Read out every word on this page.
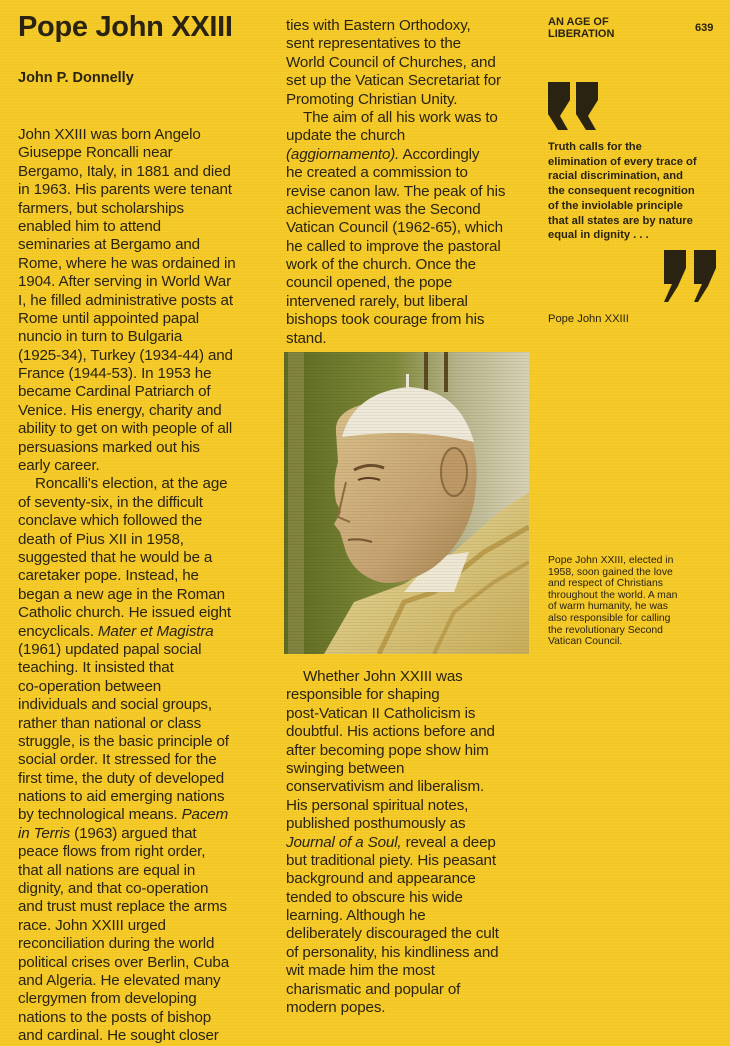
Pope John XXIII
John P. Donnelly
John XXIII was born Angelo
Giuseppe Roncalli near
Bergamo, Italy, in 1881 and died
in 1963. His parents were tenant
farmers, but scholarships
enabled him to attend
seminaries at Bergamo and
Rome, where he was ordained in
1904. After serving in World War
I, he filled administrative posts at
Rome until appointed papal
nuncio in turn to Bulgaria
(1925-34), Turkey (1934-44) and
France (1944-53). In 1953 he
became Cardinal Patriarch of
Venice. His energy, charity and
ability to get on with people of all
persuasions marked out his
early career.
Roncalli's election, at the age
of seventy-six, in the difficult
conclave which followed the
death of Pius XII in 1958,
suggested that he would be a
caretaker pope. Instead, he
began a new age in the Roman
Catholic church. He issued eight
encyclicals. Mater et Magistra
(1961) updated papal social
teaching. It insisted that
co-operation between
individuals and social groups,
rather than national or class
struggle, is the basic principle of
social order. It stressed for the
first time, the duty of developed
nations to aid emerging nations
by technological means. Pacem
in Terris (1963) argued that
peace flows from right order,
that all nations are equal in
dignity, and that co-operation
and trust must replace the arms
race. John XXIII urged
reconciliation during the world
political crises over Berlin, Cuba
and Algeria. He elevated many
clergymen from developing
nations to the posts of bishop
and cardinal. He sought closer
ties with Eastern Orthodoxy,
sent representatives to the
World Council of Churches, and
set up the Vatican Secretariat for
Promoting Christian Unity.
The aim of all his work was to
update the church
(aggiornamento). Accordingly
he created a commission to
revise canon law. The peak of his
achievement was the Second
Vatican Council (1962-65), which
he called to improve the pastoral
work of the church. Once the
council opened, the pope
intervened rarely, but liberal
bishops took courage from his
stand.
Whether John XXIII was
responsible for shaping
post-Vatican II Catholicism is
doubtful. His actions before and
after becoming pope show him
swinging between
conservativism and liberalism.
His personal spiritual notes,
published posthumously as
Journal of a Soul, reveal a deep
but traditional piety. His peasant
background and appearance
tended to obscure his wide
learning. Although he
deliberately discouraged the cult
of personality, his kindliness and
wit made him the most
charismatic and popular of
modern popes.
AN AGE OF
LIBERATION	639
Truth calls for the
elimination of every trace of
racial discrimination, and
the consequent recognition
of the inviolable principle
that all states are by nature
equal in dignity . . .
Pope John XXIII
Pope John XXIII, elected in
1958, soon gained the love
and respect of Christians
throughout the world. A man
of warm humanity, he was
also responsible for calling
the revolutionary Second
Vatican Council.
